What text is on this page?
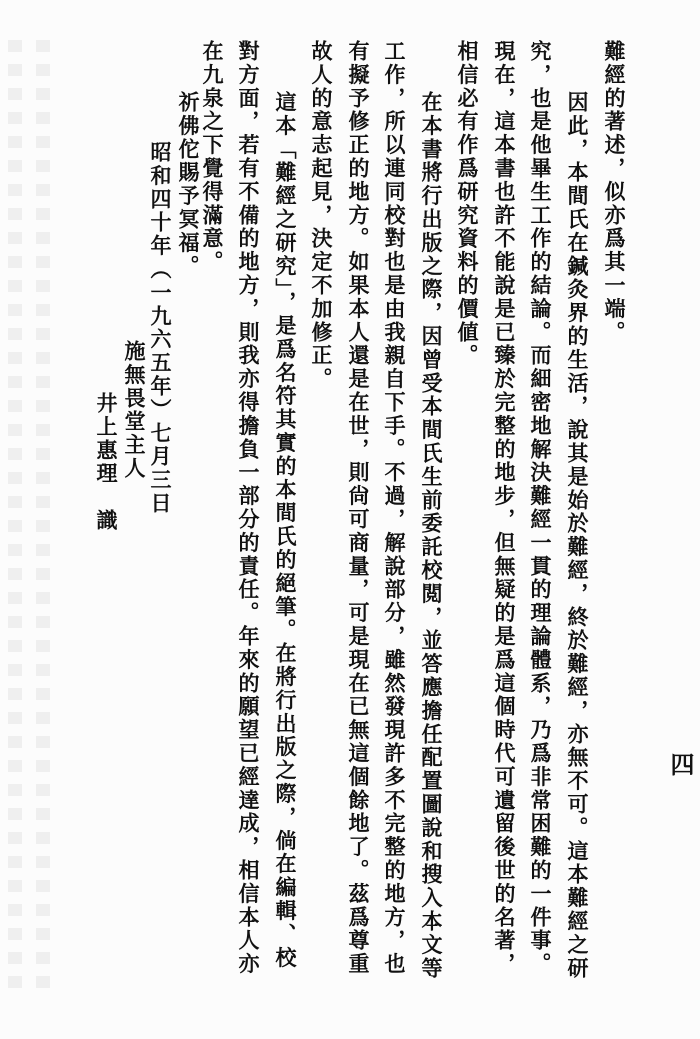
四
難經的著述，似亦爲其一端。
因此，本間氏在鍼灸界的生活，說其是始於難經，終於難經，亦無不可。這本難經之研
究，也是他畢生工作的結論。而細密地解決難經一貫的理論體系，乃爲非常困難的一件事。
現在，這本書也許不能說是已臻於完整的地步，但無疑的是爲這個時代可遺留後世的名著，
相信必有作爲研究資料的價値。
在本書將行出版之際，因曾受本間氏生前委託校閲，並答應擔任配置圖說和搜入本文等
工作，所以連同校對也是由我親自下手。不過，解說部分，雖然發現許多不完整的地方，也
有擬予修正的地方。如果本人還是在世，則尙可商量，可是現在已無這個餘地了。茲爲尊重
故人的意志起見，決定不加修正。
這本「難經之研究」，是爲名符其實的本間氏的絕筆。在將行出版之際，倘在編輯、校
對方面，若有不備的地方，則我亦得擔負一部分的責任。年來的願望已經達成，相信本人亦
在九泉之下覺得滿意。
祈佛佗賜予冥福。
昭和四十年（一九六五年）七月三日
施無畏堂主人
井上惠理　識
